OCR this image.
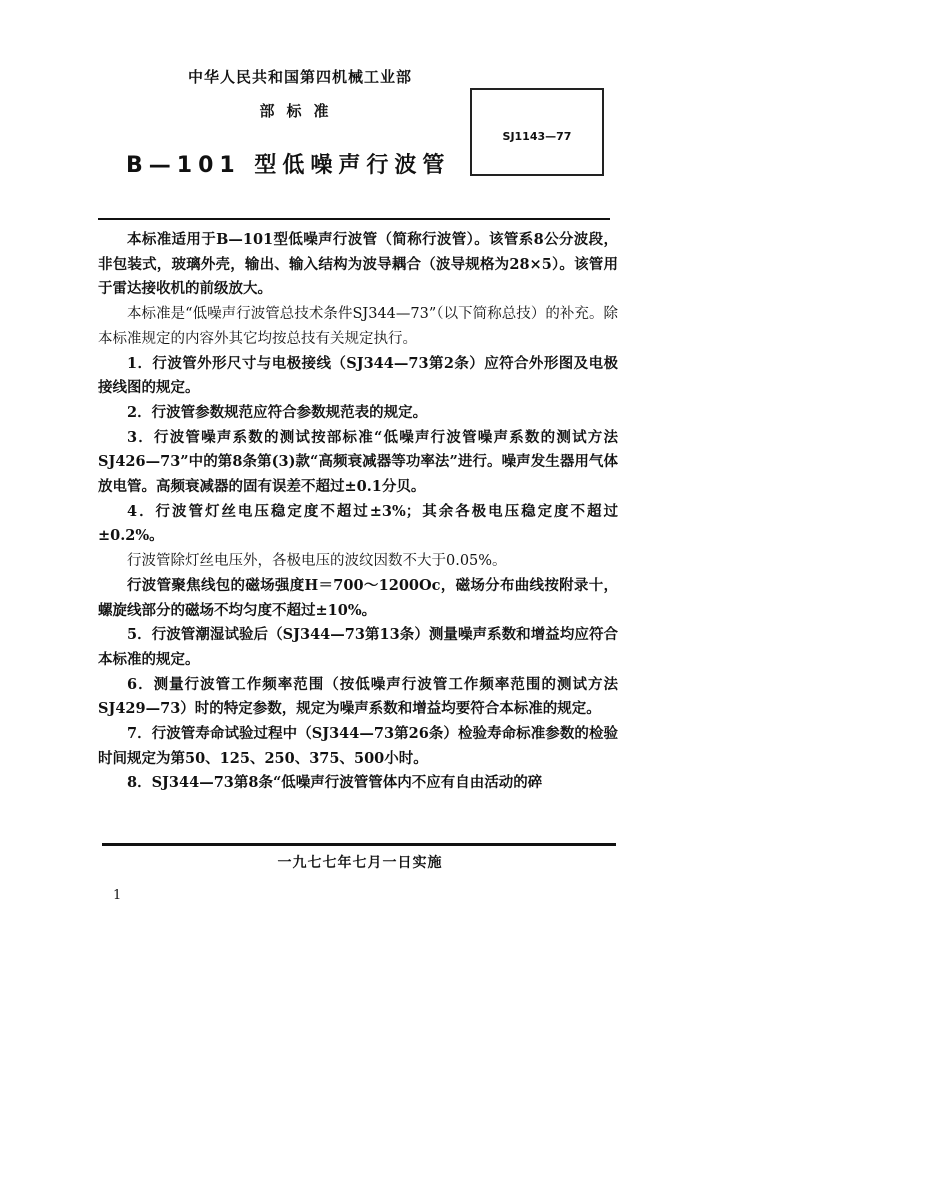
中华人民共和国第四机械工业部
部标准
B—101 型低噪声行波管
SJ1143—77

本标准适用于B—101型低噪声行波管（简称行波管）。该管系8公分波段，非包装式，玻璃外壳，输出、输入结构为波导耦合（波导规格为28×5）。该管用于雷达接收机的前级放大。

本标准是“低噪声行波管总技术条件SJ344—73”（以下简称总技）的补充。除本标准规定的内容外其它均按总技有关规定执行。

1．行波管外形尺寸与电极接线（SJ344—73第2条）应符合外形图及电极接线图的规定。

2．行波管参数规范应符合参数规范表的规定。

3．行波管噪声系数的测试按部标准“低噪声行波管噪声系数的测试方法SJ426—73”中的第8条第(3)款“高频衰减器等功率法”进行。噪声发生器用气体放电管。高频衰减器的固有误差不超过±0.1分贝。

4．行波管灯丝电压稳定度不超过±3%；其余各极电压稳定度不超过±0.2%。

行波管除灯丝电压外，各极电压的波纹因数不大于0.05%。

行波管聚焦线包的磁场强度H＝700～1200Oc，磁场分布曲线按附录十，螺旋线部分的磁场不均匀度不超过±10%。

5．行波管潮湿试验后（SJ344—73第13条）测量噪声系数和增益均应符合本标准的规定。

6．测量行波管工作频率范围（按低噪声行波管工作频率范围的测试方法SJ429—73）时的特定参数，规定为噪声系数和增益均要符合本标准的规定。

7．行波管寿命试验过程中（SJ344—73第26条）检验寿命标准参数的检验时间规定为第50、125、250、375、500小时。

8．SJ344—73第8条“低噪声行波管管体内不应有自由活动的碎

一九七七年七月一日实施
1
